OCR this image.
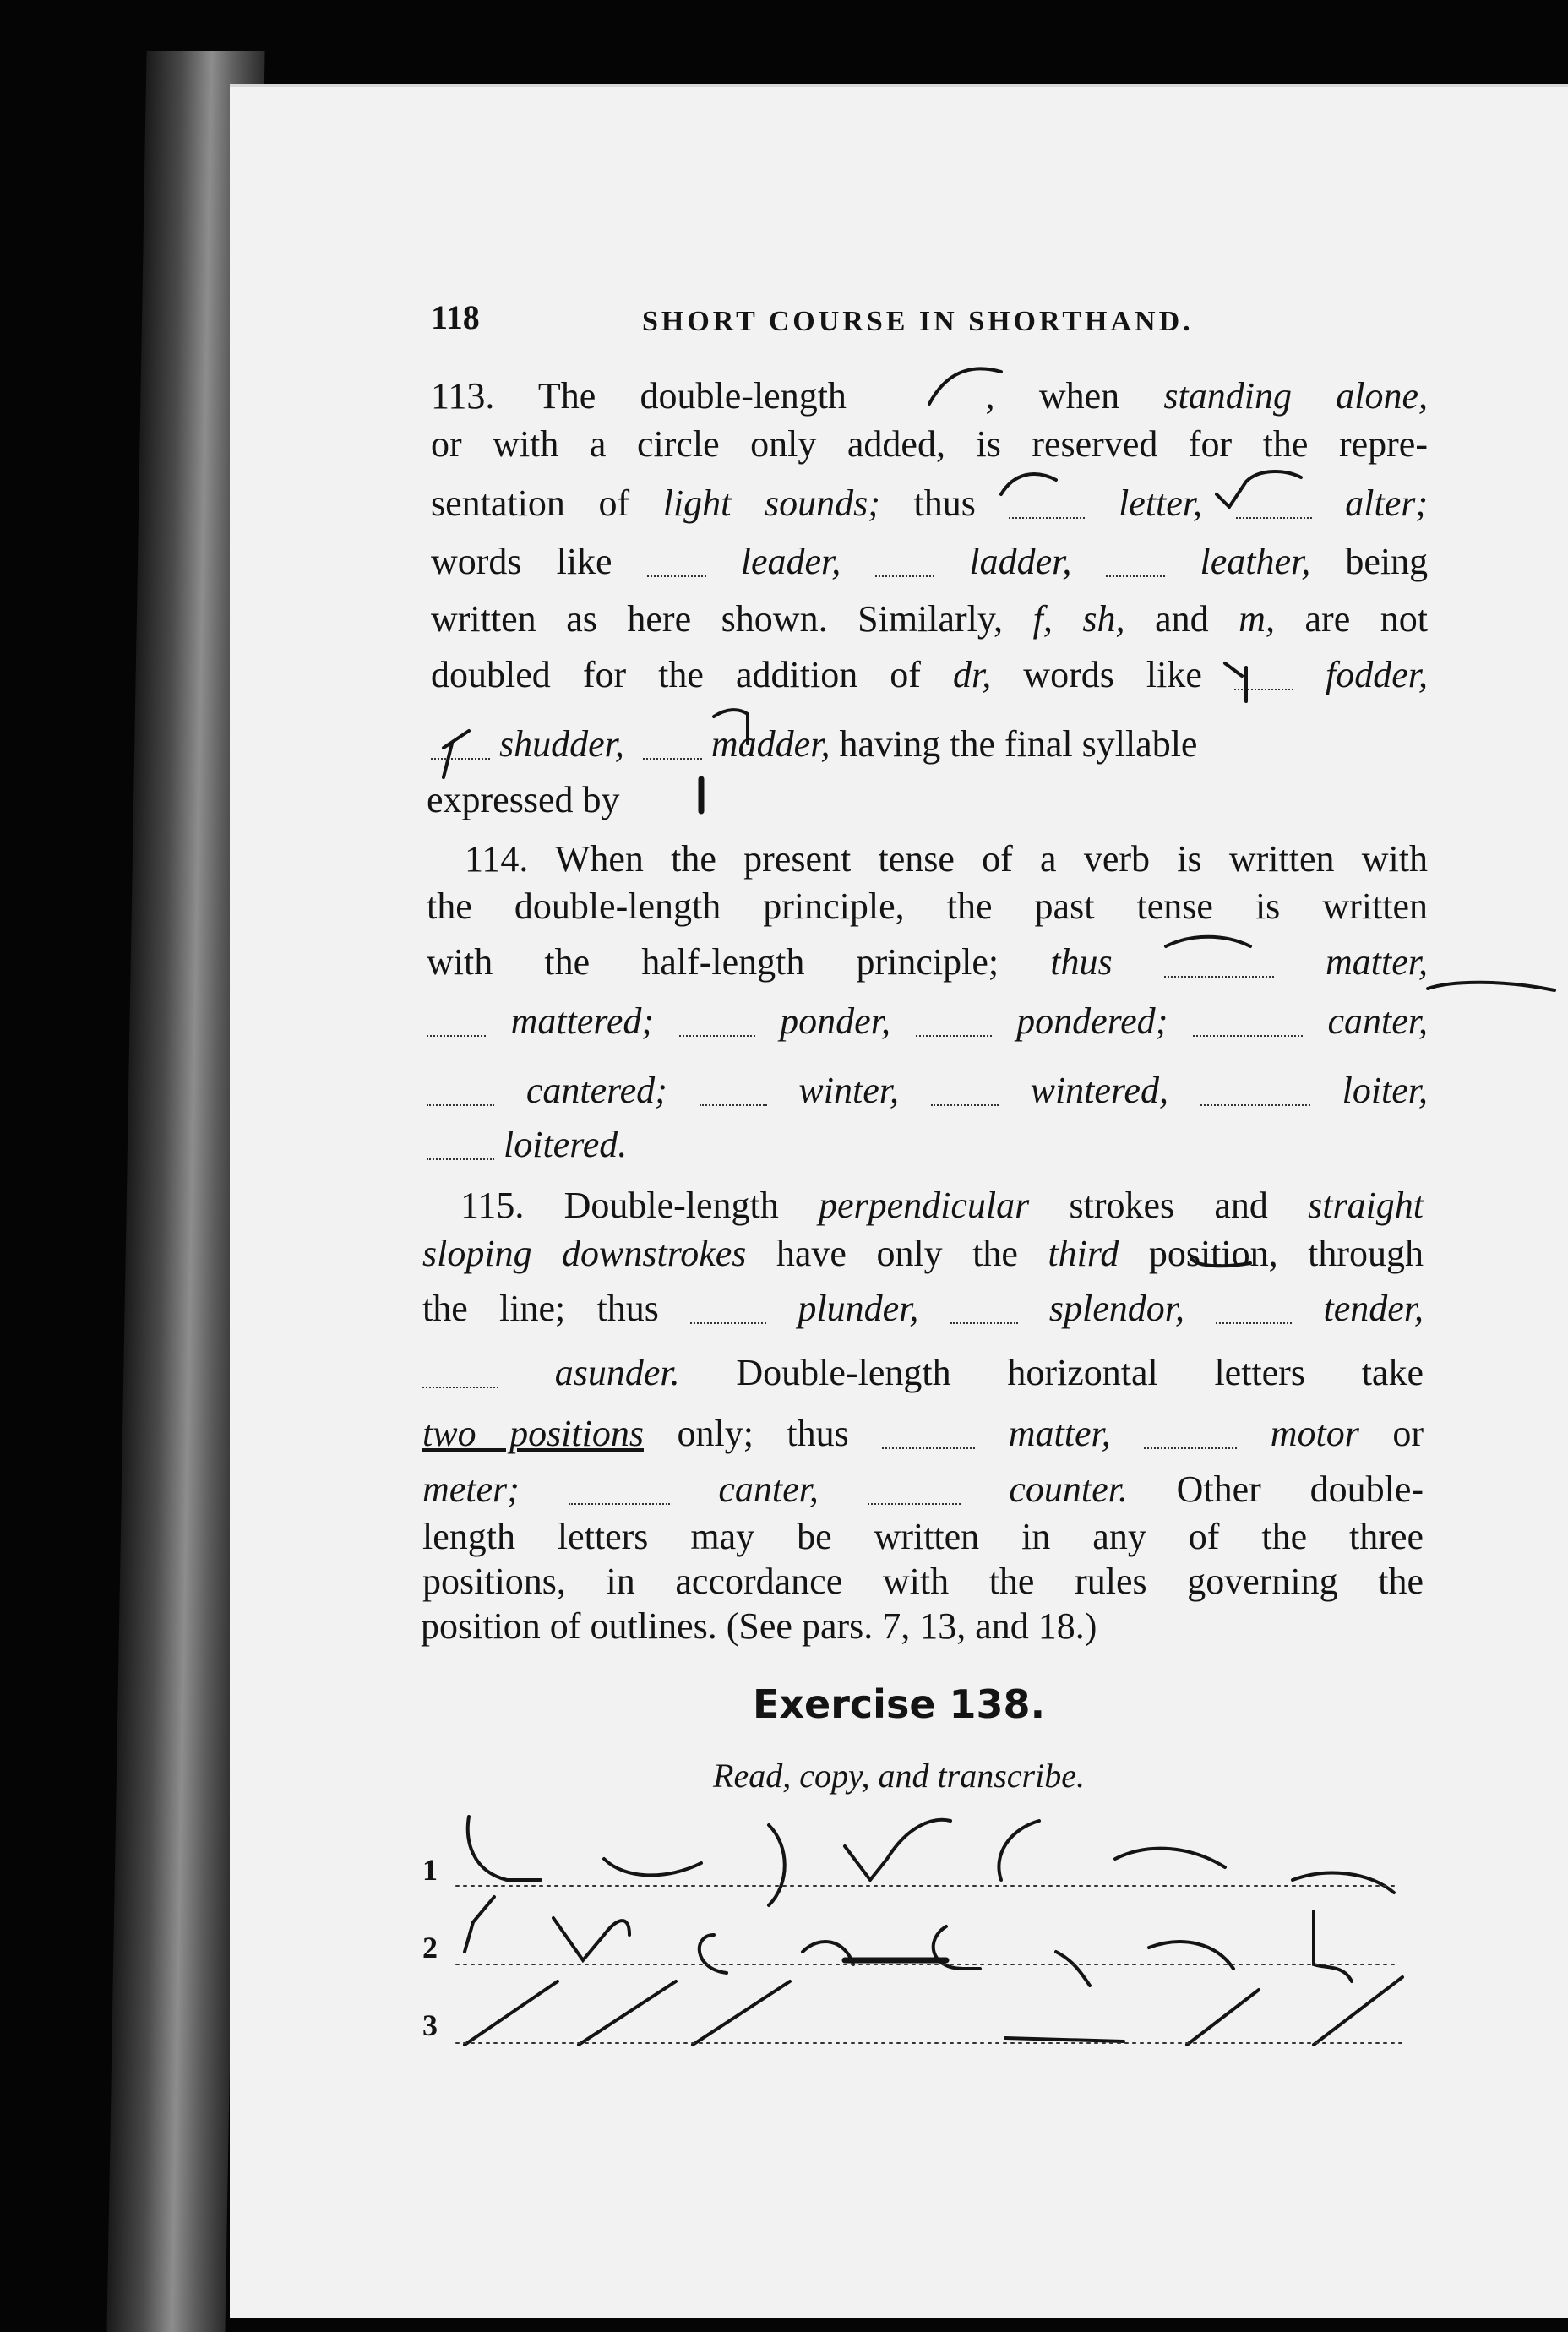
118	SHORT COURSE IN SHORTHAND.

113. The double-length	, when standing alone,

or with a circle only added, is reserved for the repre-

sentation of light sounds; thus	letter,	alter;

words like	leader,	ladder,	leather, being

written as here shown. Similarly, f, sh, and m, are not

doubled for the addition of dr, words like	fodder,

shudder, madder, having the final syllable

expressed by

114. When the present tense of a verb is written with

the double-length principle, the past tense is written

with the half-length principle; thus	matter,

mattered;	ponder,	pondered;	canter,

cantered;	winter,	wintered,	loiter,

loitered.

115. Double-length perpendicular strokes and straight

sloping downstrokes have only the third position, through

the line; thus	plunder,	splendor,	tender,

asunder. Double-length horizontal letters take

two positions only; thus	matter,	motor or

meter;	canter,	counter. Other double-

length letters may be written in any of the three

positions, in accordance with the rules governing the

position of outlines. (See pars. 7, 13, and 18.)

Exercise 138.
Read, copy, and transcribe.
1
2
3
